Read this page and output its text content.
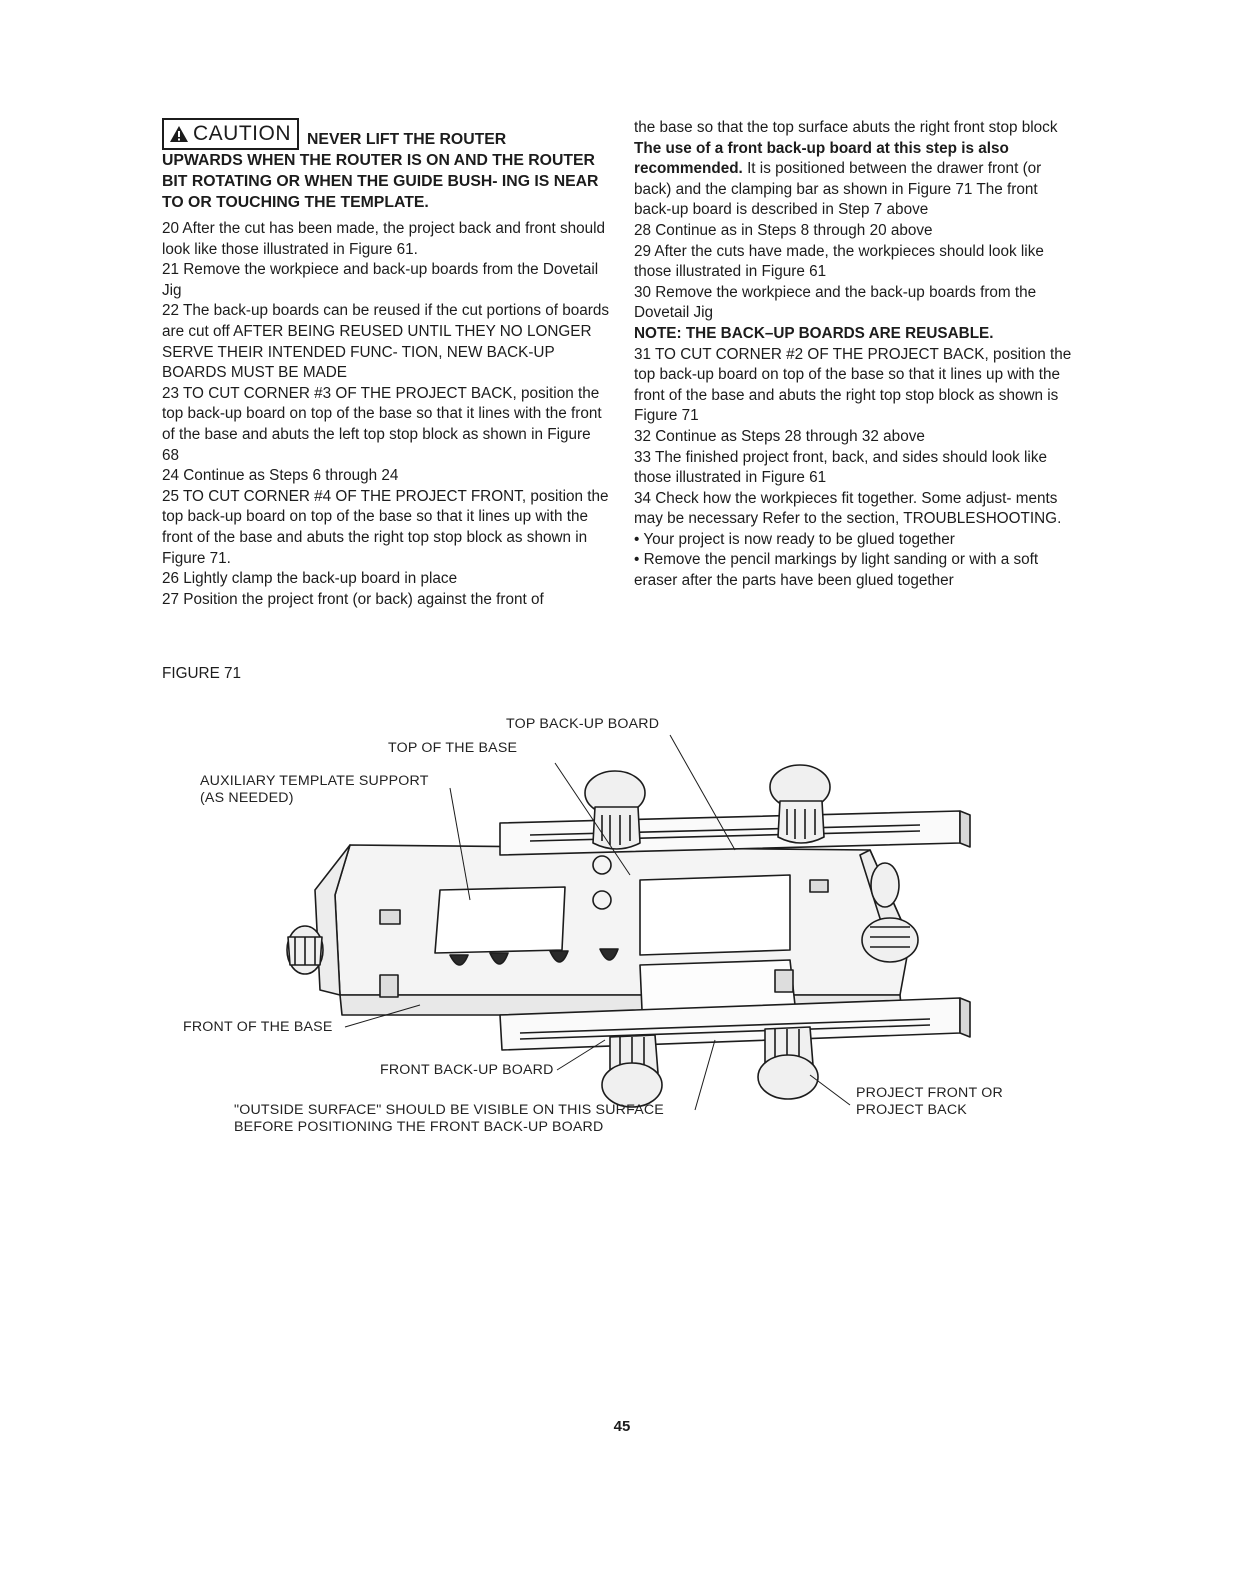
CAUTION NEVER LIFT THE ROUTER
UPWARDS WHEN THE ROUTER IS ON AND THE ROUTER BIT ROTATING OR WHEN THE GUIDE BUSH- ING IS NEAR TO OR TOUCHING THE TEMPLATE.

20 After the cut has been made, the project back and front should look like those illustrated in Figure 61.

21 Remove the workpiece and back-up boards from the Dovetail Jig

22 The back-up boards can be reused if the cut portions of boards are cut off AFTER BEING REUSED UNTIL THEY NO LONGER SERVE THEIR INTENDED FUNC- TION, NEW BACK-UP BOARDS MUST BE MADE

23 TO CUT CORNER #3 OF THE PROJECT BACK, position the top back-up board on top of the base so that it lines with the front of the base and abuts the left top stop block as shown in Figure 68

24 Continue as Steps 6 through 24

25 TO CUT CORNER #4 OF THE PROJECT FRONT, position the top back-up board on top of the base so that it lines up with the front of the base and abuts the right top stop block as shown in Figure 71.

26 Lightly clamp the back-up board in place

27 Position the project front (or back) against the front of

the base so that the top surface abuts the right front stop block The use of a front back-up board at this step is also recommended. It is positioned between the drawer front (or back) and the clamping bar as shown in Figure 71 The front back-up board is described in Step 7 above

28 Continue as in Steps 8 through 20 above

29 After the cuts have made, the workpieces should look like those illustrated in Figure 61

30 Remove the workpiece and the back-up boards from the Dovetail Jig

NOTE: THE BACK–UP BOARDS ARE REUSABLE.

31 TO CUT CORNER #2 OF THE PROJECT BACK, position the top back-up board on top of the base so that it lines up with the front of the base and abuts the right top stop block as shown is Figure 71

32 Continue as Steps 28 through 32 above

33 The finished project front, back, and sides should look like those illustrated in Figure 61

34 Check how the workpieces fit together. Some adjust- ments may be necessary Refer to the section, TROUBLESHOOTING.

• Your project is now ready to be glued together

• Remove the pencil markings by light sanding or with a soft eraser after the parts have been glued together

FIGURE 71
TOP BACK-UP BOARD
TOP OF THE BASE
AUXILIARY TEMPLATE SUPPORT
(AS NEEDED)
FRONT OF THE BASE
FRONT BACK-UP BOARD
"OUTSIDE SURFACE" SHOULD BE VISIBLE ON THIS SURFACE
BEFORE POSITIONING THE FRONT BACK-UP BOARD
PROJECT FRONT OR
PROJECT BACK
45
